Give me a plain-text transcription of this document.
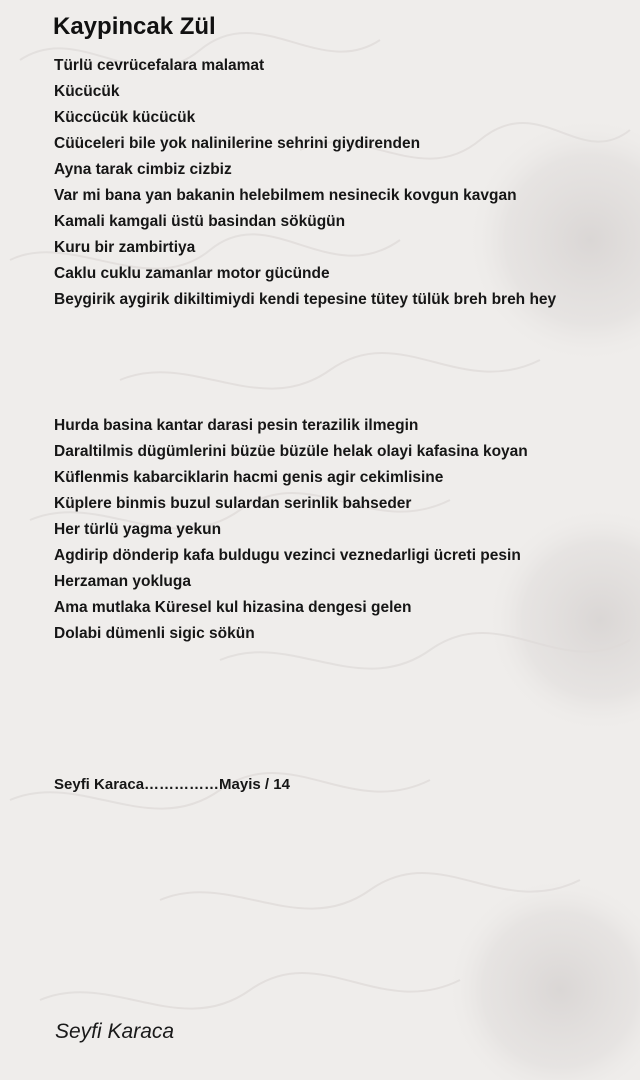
Kaypincak Zül
Türlü cevrücefalara malamat
Kücücük
Küccücük kücücük
Cüüceleri bile yok nalinilerine sehrini giydirenden
Ayna tarak cimbiz cizbiz
Var mi bana yan bakanin helebilmem nesinecik kovgun kavgan
Kamali kamgali üstü basindan sökügün
Kuru bir zambirtiya
Caklu cuklu zamanlar motor gücünde
Beygirik aygirik dikiltimiydi kendi tepesine tütey tülük breh breh hey
Hurda basina kantar darasi pesin terazilik ilmegin
Daraltilmis dügümlerini büzüe büzüle helak olayi kafasina koyan
Küflenmis kabarciklarin hacmi genis agir cekimlisine
Küplere binmis buzul sulardan serinlik bahseder
Her türlü yagma yekun
Agdirip dönderip kafa buldugu vezinci veznedarligi ücreti pesin
Herzaman yokluga
Ama mutlaka Küresel kul hizasina dengesi gelen
Dolabi dümenli sigic sökün
Seyfi Karaca……………Mayis / 14
Seyfi Karaca
